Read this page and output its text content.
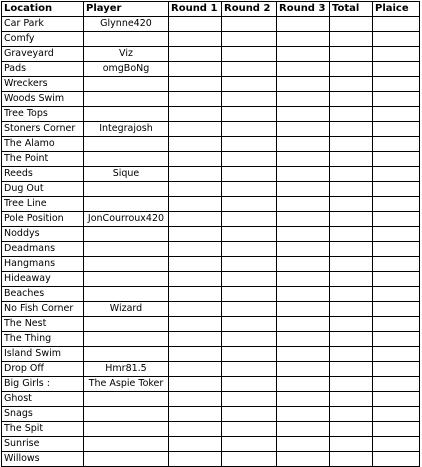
Location	Player	Round 1	Round 2	Round 3	Total	Plaice
Car Park	Glynne420					
Comfy						
Graveyard	Viz					
Pads	omgBoNg					
Wreckers						
Woods Swim						
Tree Tops						
Stoners Corner	Integrajosh					
The Alamo						
The Point						
Reeds	Sique					
Dug Out						
Tree Line						
Pole Position	JonCourroux420					
Noddys						
Deadmans						
Hangmans						
Hideaway						
Beaches						
No Fish Corner	Wizard					
The Nest						
The Thing						
Island Swim						
Drop Off	Hmr81.5					
Big Girls :	The Aspie Toker					
Ghost						
Snags						
The Spit						
Sunrise						
Willows						
